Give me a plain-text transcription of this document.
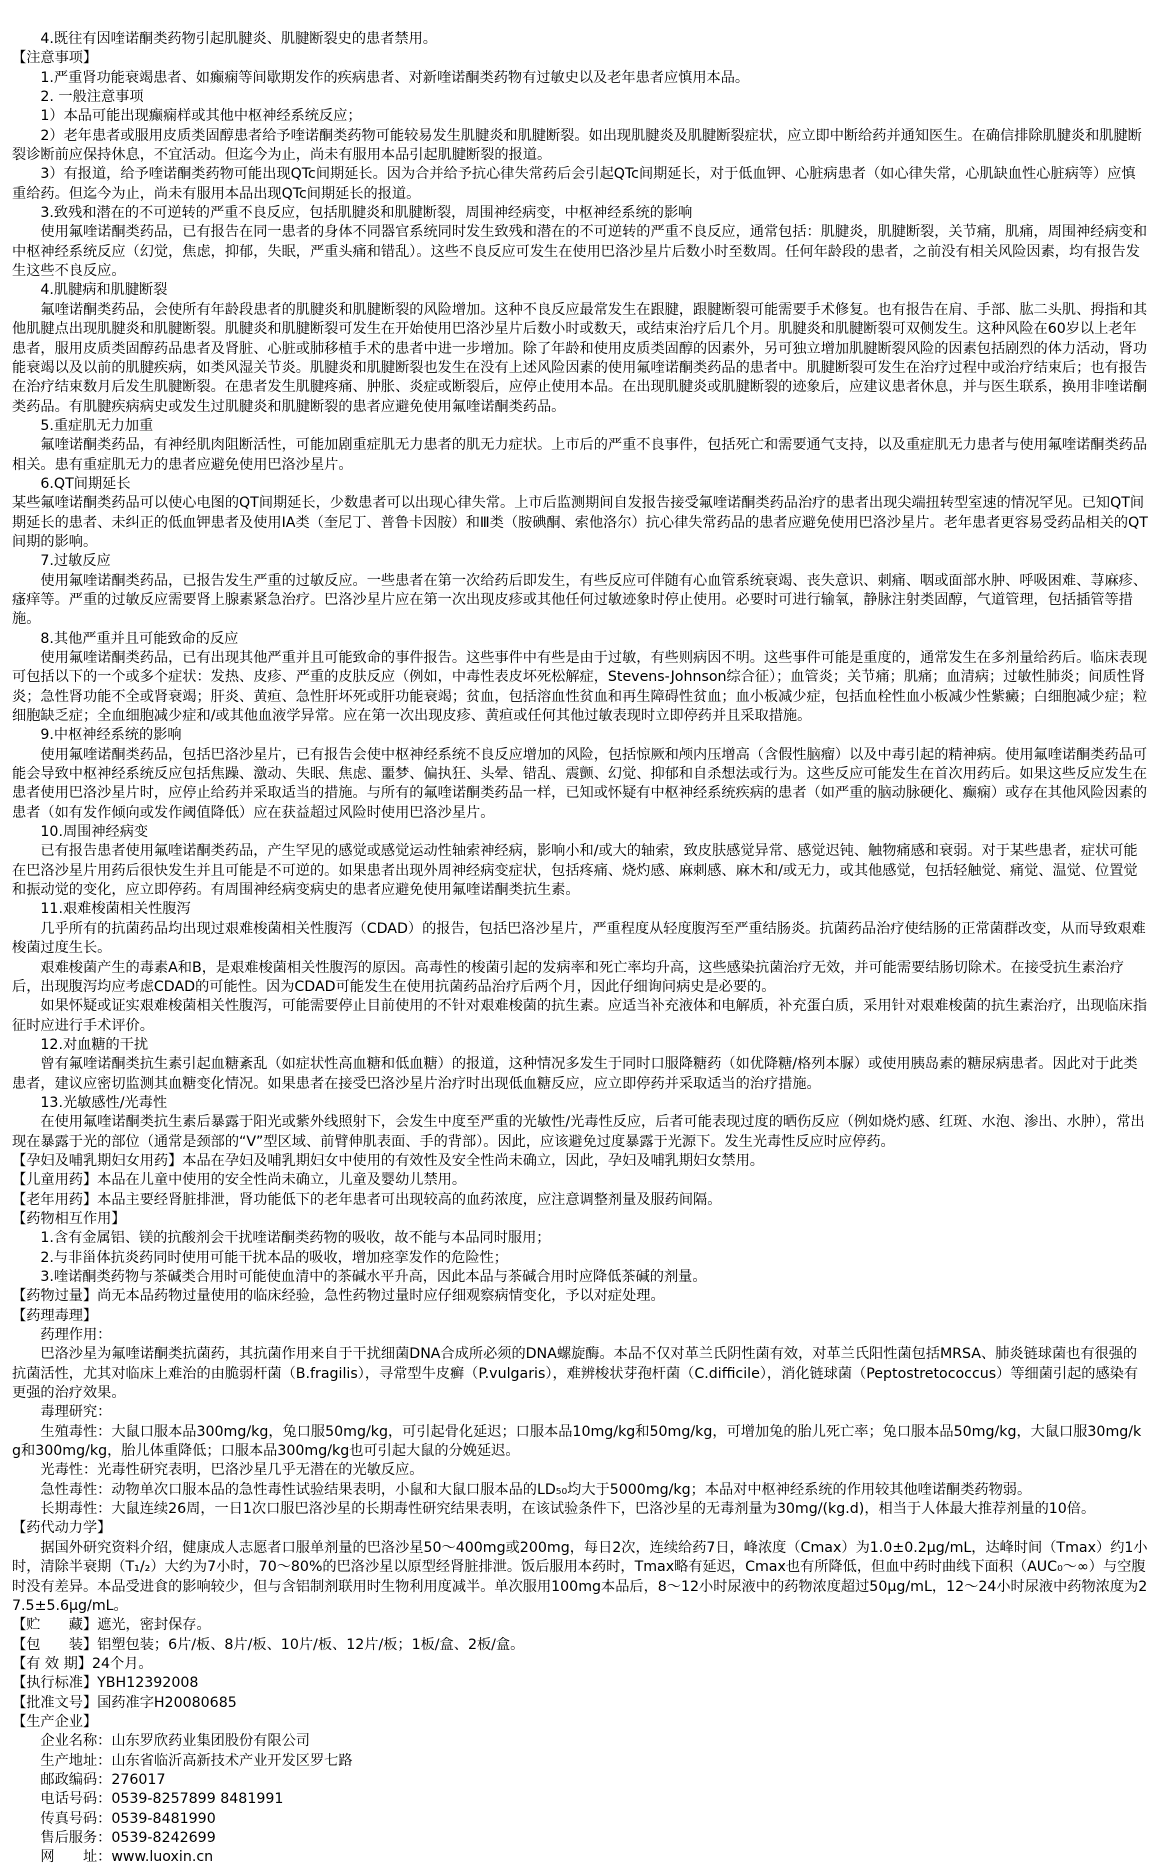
4.既往有因喹诺酮类药物引起肌腱炎、肌腱断裂史的患者禁用。

【注意事项】

1.严重肾功能衰竭患者、如癫痫等间歇期发作的疾病患者、对新喹诺酮类药物有过敏史以及老年患者应慎用本品。

2. 一般注意事项

1）本品可能出现癫痫样或其他中枢神经系统反应；

2）老年患者或服用皮质类固醇患者给予喹诺酮类药物可能较易发生肌腱炎和肌腱断裂。如出现肌腱炎及肌腱断裂症状，应立即中断给药并通知医生。在确信排除肌腱炎和肌腱断裂诊断前应保持休息，不宜活动。但迄今为止，尚未有服用本品引起肌腱断裂的报道。

3）有报道，给予喹诺酮类药物可能出现QTc间期延长。因为合并给予抗心律失常药后会引起QTc间期延长，对于低血钾、心脏病患者（如心律失常，心肌缺血性心脏病等）应慎重给药。但迄今为止，尚未有服用本品出现QTc间期延长的报道。

3.致残和潜在的不可逆转的严重不良反应，包括肌腱炎和肌腱断裂，周围神经病变，中枢神经系统的影响

使用氟喹诺酮类药品，已有报告在同一患者的身体不同器官系统同时发生致残和潜在的不可逆转的严重不良反应，通常包括：肌腱炎，肌腱断裂，关节痛，肌痛，周围神经病变和中枢神经系统反应（幻觉，焦虑，抑郁，失眠，严重头痛和错乱）。这些不良反应可发生在使用巴洛沙星片后数小时至数周。任何年龄段的患者，之前没有相关风险因素，均有报告发生这些不良反应。

4.肌腱病和肌腱断裂

氟喹诺酮类药品，会使所有年龄段患者的肌腱炎和肌腱断裂的风险增加。这种不良反应最常发生在跟腱，跟腱断裂可能需要手术修复。也有报告在肩、手部、肱二头肌、拇指和其他肌腱点出现肌腱炎和肌腱断裂。肌腱炎和肌腱断裂可发生在开始使用巴洛沙星片后数小时或数天，或结束治疗后几个月。肌腱炎和肌腱断裂可双侧发生。这种风险在60岁以上老年患者，服用皮质类固醇药品患者及肾脏、心脏或肺移植手术的患者中进一步增加。除了年龄和使用皮质类固醇的因素外，另可独立增加肌腱断裂风险的因素包括剧烈的体力活动，肾功能衰竭以及以前的肌腱疾病，如类风湿关节炎。肌腱炎和肌腱断裂也发生在没有上述风险因素的使用氟喹诺酮类药品的患者中。肌腱断裂可发生在治疗过程中或治疗结束后；也有报告在治疗结束数月后发生肌腱断裂。在患者发生肌腱疼痛、肿胀、炎症或断裂后，应停止使用本品。在出现肌腱炎或肌腱断裂的迹象后，应建议患者休息，并与医生联系，换用非喹诺酮类药品。有肌腱疾病病史或发生过肌腱炎和肌腱断裂的患者应避免使用氟喹诺酮类药品。

5.重症肌无力加重

氟喹诺酮类药品，有神经肌肉阻断活性，可能加剧重症肌无力患者的肌无力症状。上市后的严重不良事件，包括死亡和需要通气支持，以及重症肌无力患者与使用氟喹诺酮类药品相关。患有重症肌无力的患者应避免使用巴洛沙星片。

6.QT间期延长

某些氟喹诺酮类药品可以使心电图的QT间期延长，少数患者可以出现心律失常。上市后监测期间自发报告接受氟喹诺酮类药品治疗的患者出现尖端扭转型室速的情况罕见。已知QT间期延长的患者、未纠正的低血钾患者及使用IA类（奎尼丁、普鲁卡因胺）和Ⅲ类（胺碘酮、索他洛尔）抗心律失常药品的患者应避免使用巴洛沙星片。老年患者更容易受药品相关的QT间期的影响。

7.过敏反应

使用氟喹诺酮类药品，已报告发生严重的过敏反应。一些患者在第一次给药后即发生，有些反应可伴随有心血管系统衰竭、丧失意识、刺痛、咽或面部水肿、呼吸困难、荨麻疹、瘙痒等。严重的过敏反应需要肾上腺素紧急治疗。巴洛沙星片应在第一次出现皮疹或其他任何过敏迹象时停止使用。必要时可进行输氧，静脉注射类固醇，气道管理，包括插管等措施。

8.其他严重并且可能致命的反应

使用氟喹诺酮类药品，已有出现其他严重并且可能致命的事件报告。这些事件中有些是由于过敏，有些则病因不明。这些事件可能是重度的，通常发生在多剂量给药后。临床表现可包括以下的一个或多个症状：发热、皮疹、严重的皮肤反应（例如，中毒性表皮坏死松解症，Stevens-Johnson综合征）；血管炎；关节痛；肌痛；血清病；过敏性肺炎；间质性肾炎；急性肾功能不全或肾衰竭；肝炎、黄疸、急性肝坏死或肝功能衰竭；贫血，包括溶血性贫血和再生障碍性贫血；血小板减少症，包括血栓性血小板减少性紫癜；白细胞减少症；粒细胞缺乏症；全血细胞减少症和/或其他血液学异常。应在第一次出现皮疹、黄疸或任何其他过敏表现时立即停药并且采取措施。

9.中枢神经系统的影响

使用氟喹诺酮类药品，包括巴洛沙星片，已有报告会使中枢神经系统不良反应增加的风险，包括惊厥和颅内压增高（含假性脑瘤）以及中毒引起的精神病。使用氟喹诺酮类药品可能会导致中枢神经系统反应包括焦躁、激动、失眠、焦虑、噩梦、偏执狂、头晕、错乱、震颤、幻觉、抑郁和自杀想法或行为。这些反应可能发生在首次用药后。如果这些反应发生在患者使用巴洛沙星片时，应停止给药并采取适当的措施。与所有的氟喹诺酮类药品一样，已知或怀疑有中枢神经系统疾病的患者（如严重的脑动脉硬化、癫痫）或存在其他风险因素的患者（如有发作倾向或发作阈值降低）应在获益超过风险时使用巴洛沙星片。

10.周围神经病变

已有报告患者使用氟喹诺酮类药品，产生罕见的感觉或感觉运动性轴索神经病，影响小和/或大的轴索，致皮肤感觉异常、感觉迟钝、触物痛感和衰弱。对于某些患者，症状可能在巴洛沙星片用药后很快发生并且可能是不可逆的。如果患者出现外周神经病变症状，包括疼痛、烧灼感、麻刺感、麻木和/或无力，或其他感觉，包括轻触觉、痛觉、温觉、位置觉和振动觉的变化，应立即停药。有周围神经病变病史的患者应避免使用氟喹诺酮类抗生素。

11.艰难梭菌相关性腹泻

几乎所有的抗菌药品均出现过艰难梭菌相关性腹泻（CDAD）的报告，包括巴洛沙星片，严重程度从轻度腹泻至严重结肠炎。抗菌药品治疗使结肠的正常菌群改变，从而导致艰难梭菌过度生长。

艰难梭菌产生的毒素A和B，是艰难梭菌相关性腹泻的原因。高毒性的梭菌引起的发病率和死亡率均升高，这些感染抗菌治疗无效，并可能需要结肠切除术。在接受抗生素治疗后，出现腹泻均应考虑CDAD的可能性。因为CDAD可能发生在使用抗菌药品治疗后两个月，因此仔细询问病史是必要的。

如果怀疑或证实艰难梭菌相关性腹泻，可能需要停止目前使用的不针对艰难梭菌的抗生素。应适当补充液体和电解质，补充蛋白质，采用针对艰难梭菌的抗生素治疗，出现临床指征时应进行手术评价。

12.对血糖的干扰

曾有氟喹诺酮类抗生素引起血糖紊乱（如症状性高血糖和低血糖）的报道，这种情况多发生于同时口服降糖药（如优降糖/格列本脲）或使用胰岛素的糖尿病患者。因此对于此类患者，建议应密切监测其血糖变化情况。如果患者在接受巴洛沙星片治疗时出现低血糖反应，应立即停药并采取适当的治疗措施。

13.光敏感性/光毒性

在使用氟喹诺酮类抗生素后暴露于阳光或紫外线照射下，会发生中度至严重的光敏性/光毒性反应，后者可能表现过度的晒伤反应（例如烧灼感、红斑、水泡、渗出、水肿），常出现在暴露于光的部位（通常是颈部的“V”型区域、前臂伸肌表面、手的背部）。因此，应该避免过度暴露于光源下。发生光毒性反应时应停药。

【孕妇及哺乳期妇女用药】本品在孕妇及哺乳期妇女中使用的有效性及安全性尚未确立，因此，孕妇及哺乳期妇女禁用。

【儿童用药】本品在儿童中使用的安全性尚未确立，儿童及婴幼儿禁用。

【老年用药】本品主要经肾脏排泄，肾功能低下的老年患者可出现较高的血药浓度，应注意调整剂量及服药间隔。

【药物相互作用】

1.含有金属铝、镁的抗酸剂会干扰喹诺酮类药物的吸收，故不能与本品同时服用；

2.与非甾体抗炎药同时使用可能干扰本品的吸收，增加痉挛发作的危险性；

3.喹诺酮类药物与茶碱类合用时可能使血清中的茶碱水平升高，因此本品与茶碱合用时应降低茶碱的剂量。

【药物过量】尚无本品药物过量使用的临床经验，急性药物过量时应仔细观察病情变化，予以对症处理。

【药理毒理】

药理作用：

巴洛沙星为氟喹诺酮类抗菌药，其抗菌作用来自于干扰细菌DNA合成所必须的DNA螺旋酶。本品不仅对革兰氏阴性菌有效，对革兰氏阳性菌包括MRSA、肺炎链球菌也有很强的抗菌活性，尤其对临床上难治的由脆弱杆菌（B.fragilis），寻常型牛皮癣（P.vulgaris），难辨梭状芽孢杆菌（C.difficile），消化链球菌（Peptostretococcus）等细菌引起的感染有更强的治疗效果。

毒理研究：

生殖毒性：大鼠口服本品300mg/kg，兔口服50mg/kg，可引起骨化延迟；口服本品10mg/kg和50mg/kg，可增加兔的胎儿死亡率；兔口服本品50mg/kg，大鼠口服30mg/kg和300mg/kg，胎儿体重降低；口服本品300mg/kg也可引起大鼠的分娩延迟。

光毒性：光毒性研究表明，巴洛沙星几乎无潜在的光敏反应。

急性毒性：动物单次口服本品的急性毒性试验结果表明，小鼠和大鼠口服本品的LD₅₀均大于5000mg/kg；本品对中枢神经系统的作用较其他喹诺酮类药物弱。

长期毒性：大鼠连续26周，一日1次口服巴洛沙星的长期毒性研究结果表明，在该试验条件下，巴洛沙星的无毒剂量为30mg/(kg.d)，相当于人体最大推荐剂量的10倍。

【药代动力学】

据国外研究资料介绍，健康成人志愿者口服单剂量的巴洛沙星50～400mg或200mg，每日2次，连续给药7日，峰浓度（Cmax）为1.0±0.2μg/mL，达峰时间（Tmax）约1小时，清除半衰期（T₁/₂）大约为7小时，70～80%的巴洛沙星以原型经肾脏排泄。饭后服用本药时，Tmax略有延迟，Cmax也有所降低，但血中药时曲线下面积（AUC₀～∞）与空腹时没有差异。本品受进食的影响较少，但与含铝制剂联用时生物利用度减半。单次服用100mg本品后，8～12小时尿液中的药物浓度超过50μg/mL，12～24小时尿液中药物浓度为27.5±5.6μg/mL。

【贮　　藏】遮光，密封保存。

【包　　装】铝塑包装；6片/板、8片/板、10片/板、12片/板；1板/盒、2板/盒。

【有 效 期】24个月。

【执行标准】YBH12392008

【批准文号】国药准字H20080685

【生产企业】

企业名称：山东罗欣药业集团股份有限公司

生产地址：山东省临沂高新技术产业开发区罗七路

邮政编码：276017

电话号码：0539-8257899 8481991

传真号码：0539-8481990

售后服务：0539-8242699

网　　址：www.luoxin.cn
